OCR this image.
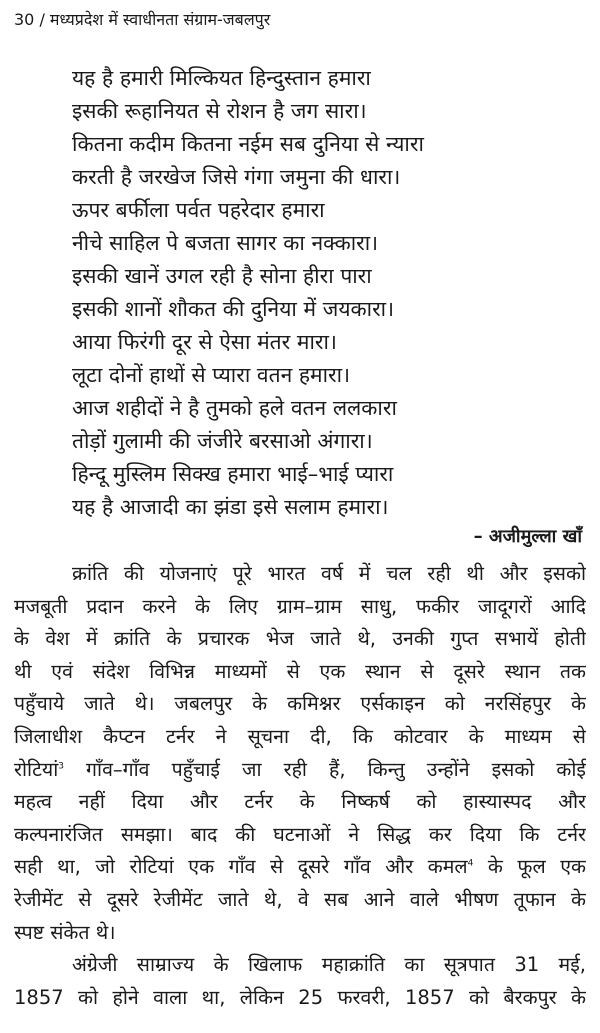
30 / मध्यप्रदेश में स्वाधीनता संग्राम-जबलपुर
यह है हमारी मिल्कियत हिन्दुस्तान हमारा
इसकी रूहानियत से रोशन है जग सारा।
कितना कदीम कितना नईम सब दुनिया से न्यारा
करती है जरखेज जिसे गंगा जमुना की धारा।
ऊपर बर्फीला पर्वत पहरेदार हमारा
नीचे साहिल पे बजता सागर का नक्कारा।
इसकी खानें उगल रही है सोना हीरा पारा
इसकी शानों शौकत की दुनिया में जयकारा।
आया फिरंगी दूर से ऐसा मंतर मारा।
लूटा दोनों हाथों से प्यारा वतन हमारा।
आज शहीदों ने है तुमको हले वतन ललकारा
तोड़ों गुलामी की जंजीरे बरसाओ अंगारा।
हिन्दू मुस्लिम सिक्ख हमारा भाई–भाई प्यारा
यह है आजादी का झंडा इसे सलाम हमारा।
– अजीमुल्ला खाँ
क्रांति की योजनाएं पूरे भारत वर्ष में चल रही थी और इसको
मजबूती प्रदान करने के लिए ग्राम–ग्राम साधु, फकीर जादूगरों आदि
के वेश में क्रांति के प्रचारक भेज जाते थे, उनकी गुप्त सभायें होती
थी एवं संदेश विभिन्न माध्यमों से एक स्थान से दूसरे स्थान तक
पहुँचाये जाते थे। जबलपुर के कमिश्नर एर्सकाइन को नरसिंहपुर के
जिलाधीश कैप्टन टर्नर ने सूचना दी, कि कोटवार के माध्यम से
रोटियां$^3$ गाँव–गाँव पहुँचाई जा रही हैं, किन्तु उन्होंने इसको कोई
महत्व नहीं दिया और टर्नर के निष्कर्ष को हास्यास्पद और
कल्पनारंजित समझा। बाद की घटनाओं ने सिद्ध कर दिया कि टर्नर
सही था, जो रोटियां एक गाँव से दूसरे गाँव और कमल$^4$ के फूल एक
रेजीमेंट से दूसरे रेजीमेंट जाते थे, वे सब आने वाले भीषण तूफान के
स्पष्ट संकेत थे।
अंग्रेजी साम्राज्य के खिलाफ महाक्रांति का सूत्रपात 31 मई,
1857 को होने वाला था, लेकिन 25 फरवरी, 1857 को बैरकपुर के
